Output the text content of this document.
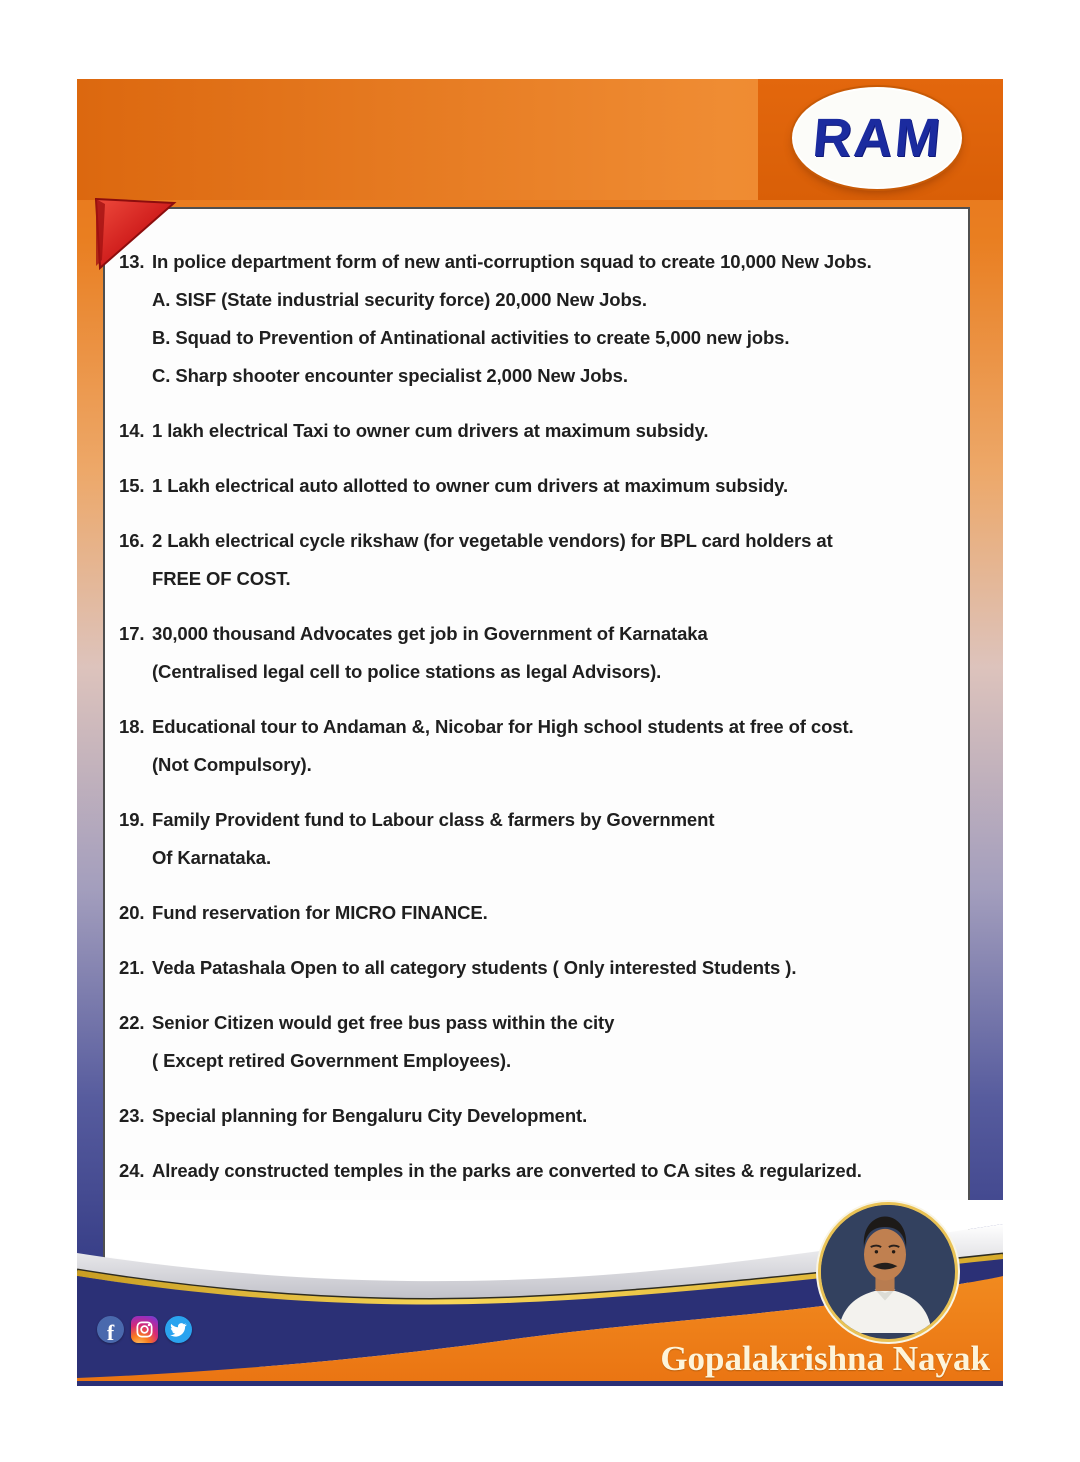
RAM
13. In police department form of new anti-corruption squad to create 10,000 New Jobs.
A. SISF (State industrial security force) 20,000 New Jobs.
B. Squad to Prevention of Antinational activities to create 5,000 new jobs.
C. Sharp shooter encounter specialist 2,000 New Jobs.
14. 1 lakh electrical Taxi to owner cum drivers at maximum subsidy.
15. 1 Lakh electrical auto allotted to owner cum drivers at maximum subsidy.
16. 2 Lakh electrical cycle rikshaw (for vegetable vendors) for BPL card holders at
FREE OF COST.
17. 30,000 thousand Advocates get job in Government of Karnataka
(Centralised legal cell to police stations as legal Advisors).
18. Educational tour to Andaman &, Nicobar for High school students at free of cost.
(Not Compulsory).
19. Family Provident fund to Labour class & farmers by Government
Of Karnataka.
20. Fund reservation for MICRO FINANCE.
21. Veda Patashala Open to all category students ( Only interested Students ).
22. Senior Citizen would get free bus pass within the city
( Except retired Government Employees).
23. Special planning for Bengaluru City Development.
24. Already constructed temples in the parks are converted to CA sites & regularized.
f
Gopalakrishna Nayak
